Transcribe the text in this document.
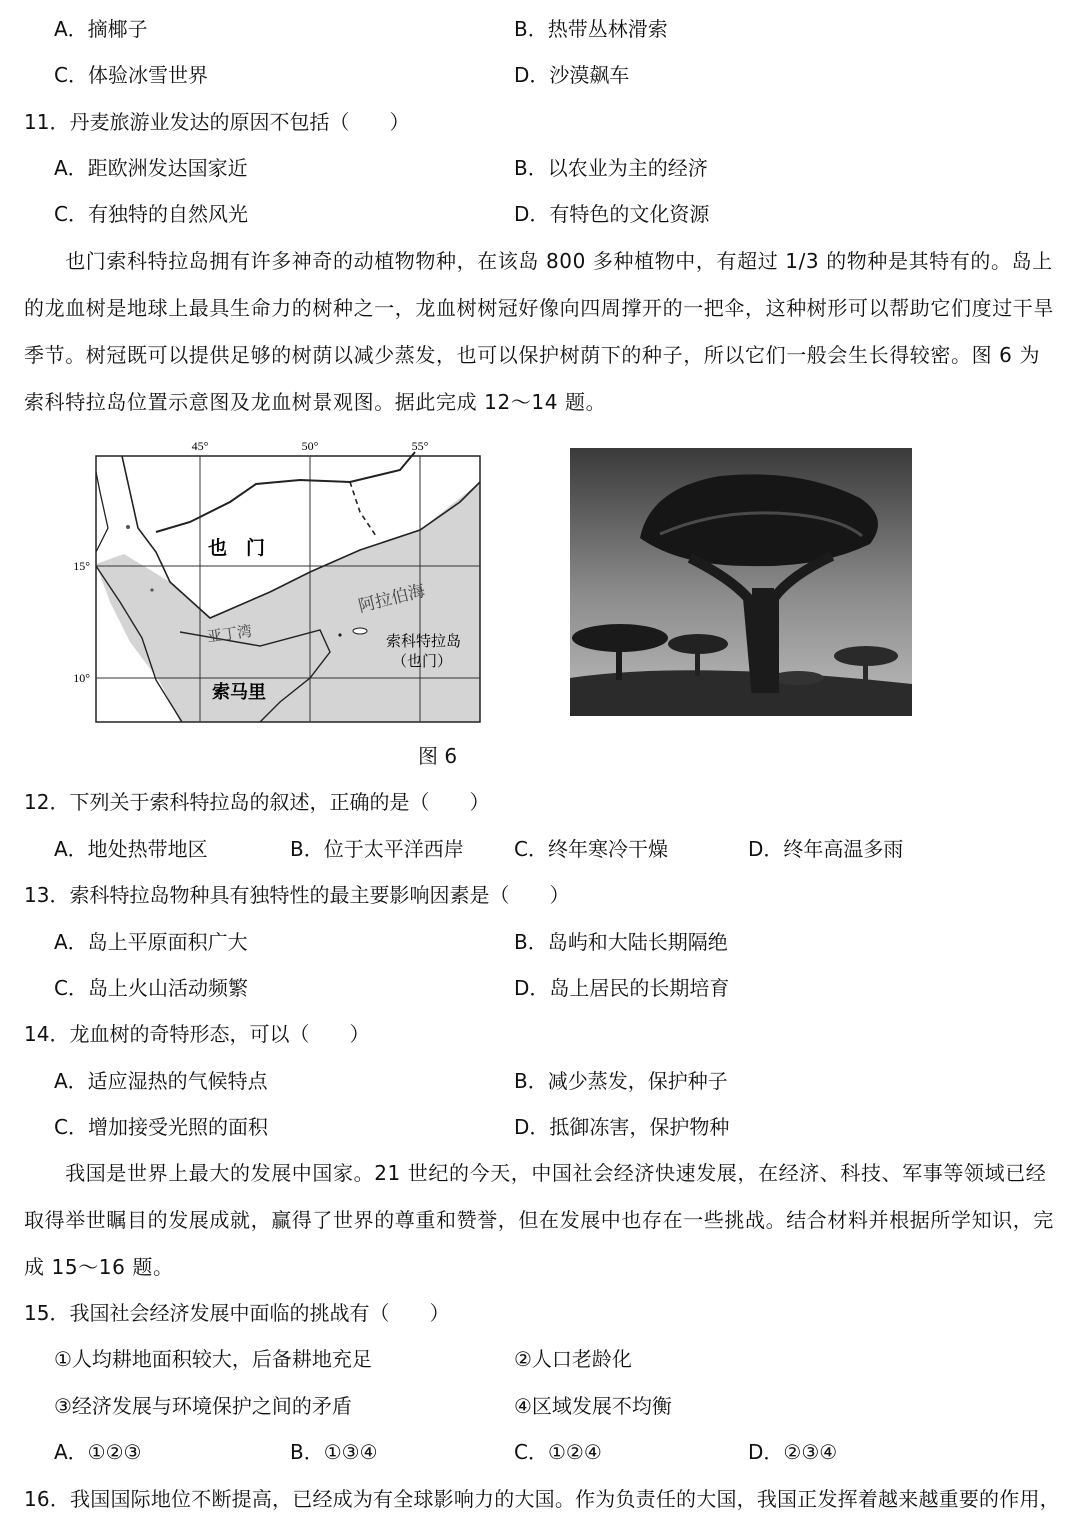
A．摘椰子	B．热带丛林滑索
C．体验冰雪世界	D．沙漠飙车
11．丹麦旅游业发达的原因不包括（　　）
A．距欧洲发达国家近	B．以农业为主的经济
C．有独特的自然风光	D．有特色的文化资源
　　也门索科特拉岛拥有许多神奇的动植物物种，在该岛 800 多种植物中，有超过 1/3 的物种是其特有的。岛上的龙血树是地球上最具生命力的树种之一，龙血树树冠好像向四周撑开的一把伞，这种树形可以帮助它们度过干旱季节。树冠既可以提供足够的树荫以减少蒸发，也可以保护树荫下的种子，所以它们一般会生长得较密。图 6 为索科特拉岛位置示意图及龙血树景观图。据此完成 12～14 题。
45°	50°	55°
15°
10°
也　门
阿拉伯海
亚丁湾	索科特拉岛
（也门）
索马里
图 6
12．下列关于索科特拉岛的叙述，正确的是（　　）
A．地处热带地区	B．位于太平洋西岸	C．终年寒冷干燥	D．终年高温多雨
13．索科特拉岛物种具有独特性的最主要影响因素是（　　）
A．岛上平原面积广大	B．岛屿和大陆长期隔绝
C．岛上火山活动频繁	D．岛上居民的长期培育
14．龙血树的奇特形态，可以（　　）
A．适应湿热的气候特点	B．减少蒸发，保护种子
C．增加接受光照的面积	D．抵御冻害，保护物种
　　我国是世界上最大的发展中国家。21 世纪的今天，中国社会经济快速发展，在经济、科技、军事等领域已经取得举世瞩目的发展成就，赢得了世界的尊重和赞誉，但在发展中也存在一些挑战。结合材料并根据所学知识，完成 15～16 题。
15．我国社会经济发展中面临的挑战有（　　）
①人均耕地面积较大，后备耕地充足	②人口老龄化
③经济发展与环境保护之间的矛盾	④区域发展不均衡
A．①②③	B．①③④	C．①②④	D．②③④
16．我国国际地位不断提高，已经成为有全球影响力的大国。作为负责任的大国，我国正发挥着越来越重要的作用，
